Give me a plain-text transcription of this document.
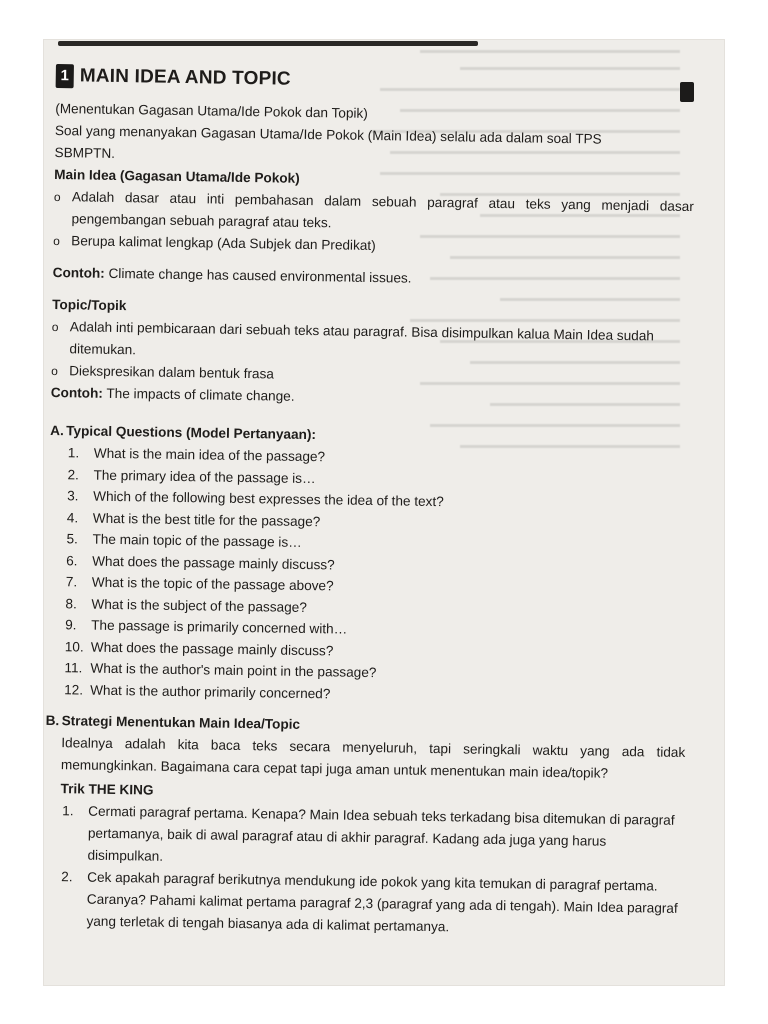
1 MAIN IDEA AND TOPIC

(Menentukan Gagasan Utama/Ide Pokok dan Topik)

Soal yang menanyakan Gagasan Utama/Ide Pokok (Main Idea) selalu ada dalam soal TPS SBMPTN.

Main Idea (Gagasan Utama/Ide Pokok)

o Adalah dasar atau inti pembahasan dalam sebuah paragraf atau teks yang menjadi dasar pengembangan sebuah paragraf atau teks.
o Berupa kalimat lengkap (Ada Subjek dan Predikat)

Contoh: Climate change has caused environmental issues.

Topic/Topik

o Adalah inti pembicaraan dari sebuah teks atau paragraf. Bisa disimpulkan kalua Main Idea sudah ditemukan.
o Diekspresikan dalam bentuk frasa

Contoh: The impacts of climate change.

A. Typical Questions (Model Pertanyaan):
1.	What is the main idea of the passage?
2.	The primary idea of the passage is…
3.	Which of the following best expresses the idea of the text?
4.	What is the best title for the passage?
5.	The main topic of the passage is…
6.	What does the passage mainly discuss?
7.	What is the topic of the passage above?
8.	What is the subject of the passage?
9.	The passage is primarily concerned with…
10. What does the passage mainly discuss?
11. What is the author's main point in the passage?
12. What is the author primarily concerned?
B. Strategi Menentukan Main Idea/Topic

Idealnya adalah kita baca teks secara menyeluruh, tapi seringkali waktu yang ada tidak memungkinkan. Bagaimana cara cepat tapi juga aman untuk menentukan main idea/topik?

Trik THE KING

1.	Cermati paragraf pertama. Kenapa? Main Idea sebuah teks terkadang bisa ditemukan di paragraf pertamanya, baik di awal paragraf atau di akhir paragraf. Kadang ada juga yang harus disimpulkan.
2.	Cek apakah paragraf berikutnya mendukung ide pokok yang kita temukan di paragraf pertama. Caranya? Pahami kalimat pertama paragraf 2,3 (paragraf yang ada di tengah). Main Idea paragraf yang terletak di tengah biasanya ada di kalimat pertamanya.
